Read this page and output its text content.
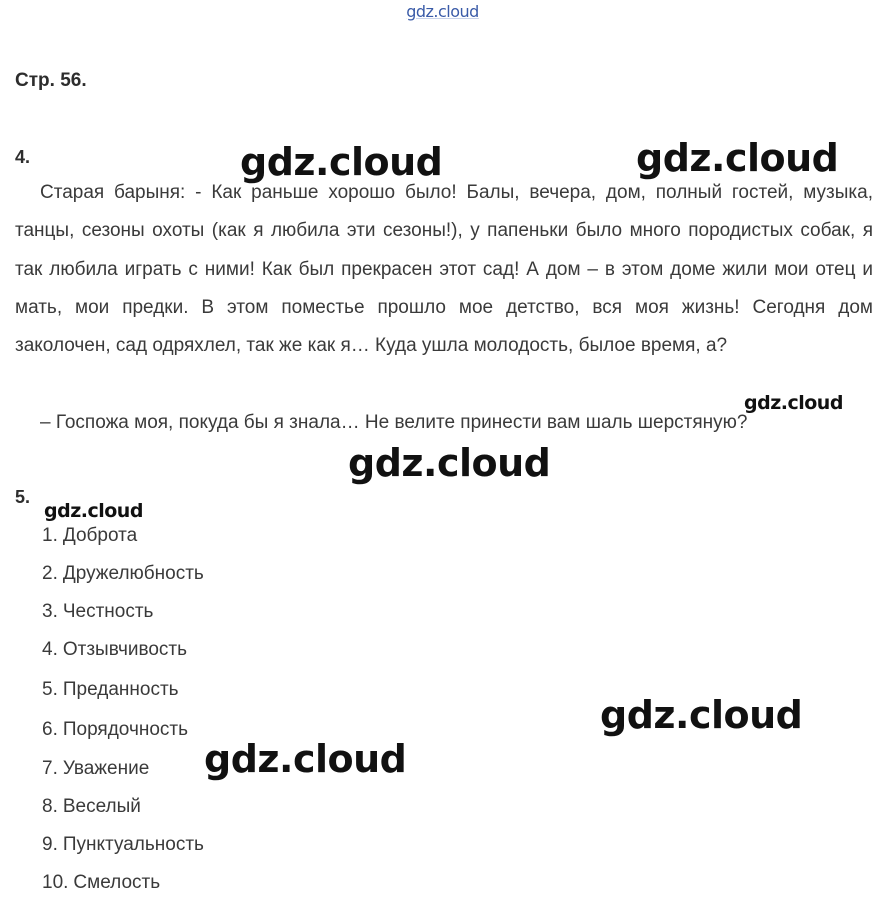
gdz.cloud
Стр. 56.
4.

Старая барыня: - Как раньше хорошо было! Балы, вечера, дом, полный гостей, музыка, танцы, сезоны охоты (как я любила эти сезоны!), у папеньки было много породистых собак, я так любила играть с ними! Как был прекрасен этот сад! А дом – в этом доме жили мои отец и мать, мои предки. В этом поместье прошло мое детство, вся моя жизнь! Сегодня дом заколочен, сад одряхлел, так же как я… Куда ушла молодость, былое время, а?

– Госпожа моя, покуда бы я знала… Не велите принести вам шаль шерстяную?

5.
1. Доброта
2. Дружелюбность
3. Честность
4. Отзывчивость
5. Преданность
6. Порядочность
7. Уважение
8. Веселый
9. Пунктуальность
10. Смелость
gdz.cloud	gdz.cloud
gdz.cloud
gdz.cloud
gdz.cloud
gdz.cloud
gdz.cloud
